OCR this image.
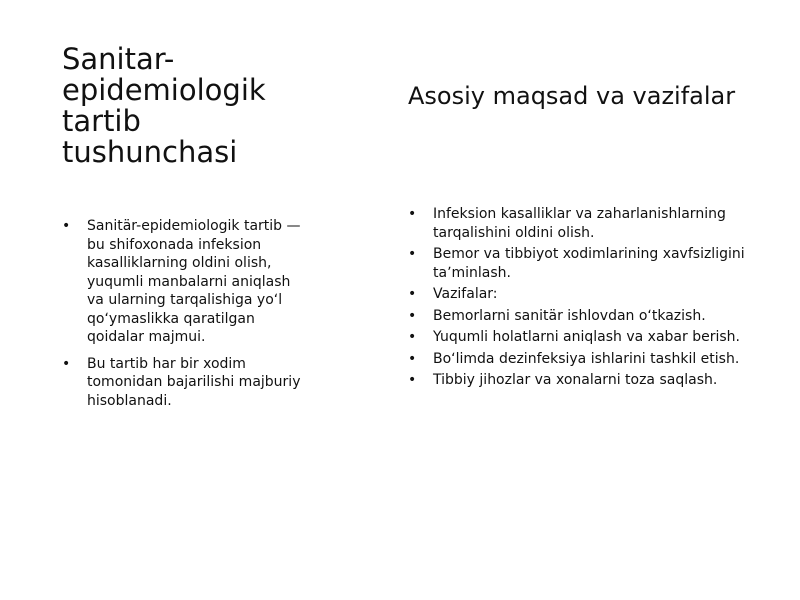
Sanitar-epidemiologik tartib tushunchasi
• Sanitär-epidemiologik tartib — bu shifoxonada infeksion kasalliklarning oldini olish, yuqumli manbalarni aniqlash va ularning tarqalishiga yoʻl qoʻymaslikka qaratilgan qoidalar majmui.
• Bu tartib har bir xodim tomonidan bajarilishi majburiy hisoblanadi.
Asosiy maqsad va vazifalar
• Infeksion kasalliklar va zaharlanishlarning tarqalishini oldini olish.
• Bemor va tibbiyot xodimlarining xavfsizligini taʼminlash.
• Vazifalar:
• Bemorlarni sanitär ishlovdan oʻtkazish.
• Yuqumli holatlarni aniqlash va xabar berish.
• Boʻlimda dezinfeksiya ishlarini tashkil etish.
• Tibbiy jihozlar va xonalarni toza saqlash.
